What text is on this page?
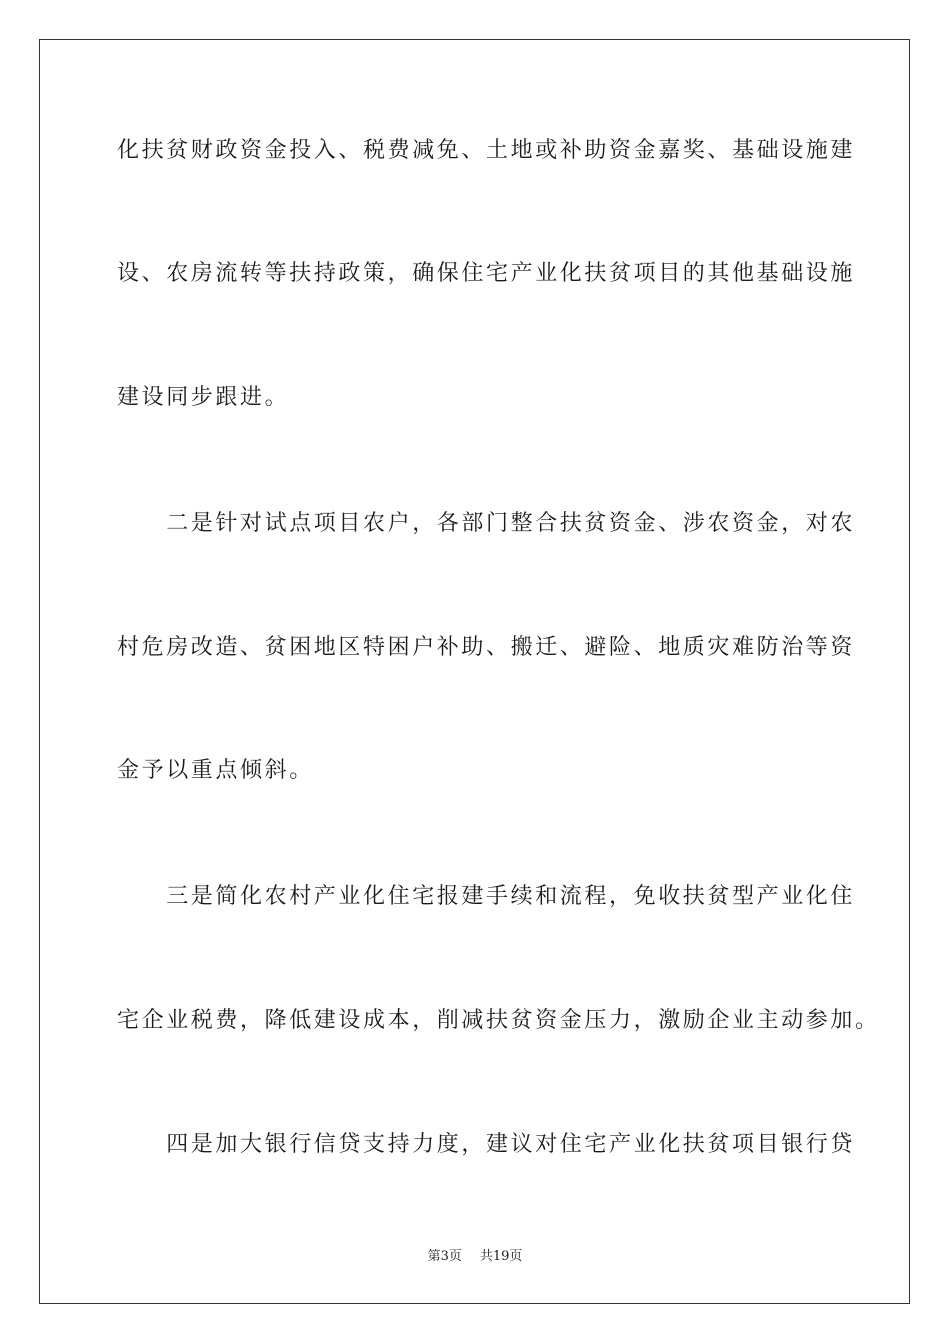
化扶贫财政资金投入、税费减免、土地或补助资金嘉奖、基础设施建
设、农房流转等扶持政策，确保住宅产业化扶贫项目的其他基础设施
建设同步跟进。
　　二是针对试点项目农户，各部门整合扶贫资金、涉农资金，对农
村危房改造、贫困地区特困户补助、搬迁、避险、地质灾难防治等资
金予以重点倾斜。
　　三是简化农村产业化住宅报建手续和流程，免收扶贫型产业化住
宅企业税费，降低建设成本，削减扶贫资金压力，激励企业主动参加。
　　四是加大银行信贷支持力度，建议对住宅产业化扶贫项目银行贷
第3页 共19页
